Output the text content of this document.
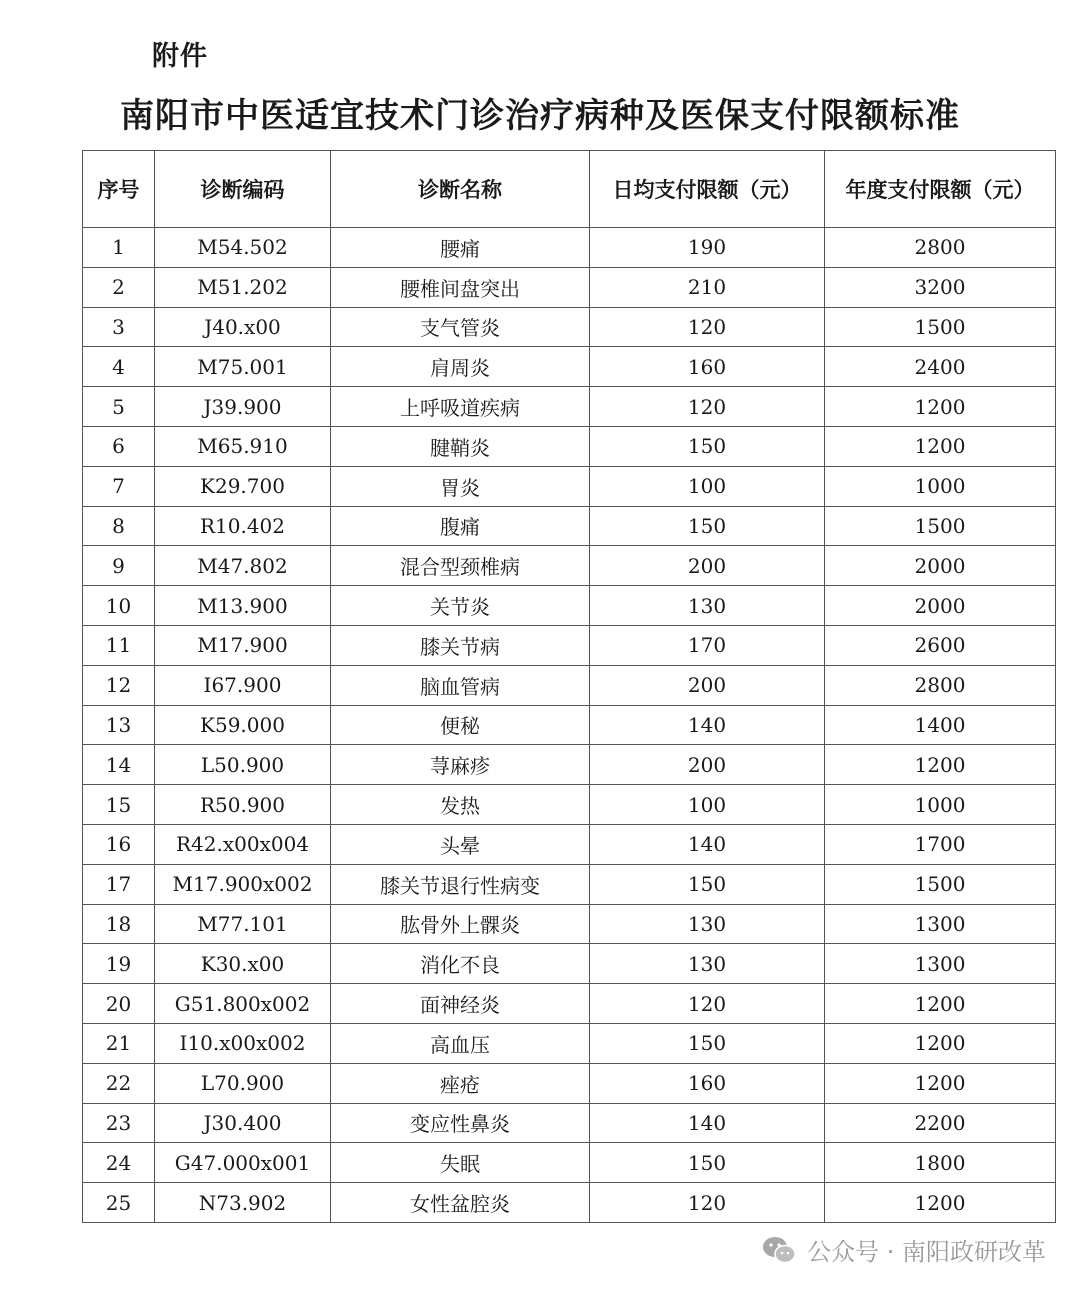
附件
南阳市中医适宜技术门诊治疗病种及医保支付限额标准
序号	诊断编码	诊断名称	日均支付限额（元）	年度支付限额（元）
1	M54.502	腰痛	190	2800
2	M51.202	腰椎间盘突出	210	3200
3	J40.x00	支气管炎	120	1500
4	M75.001	肩周炎	160	2400
5	J39.900	上呼吸道疾病	120	1200
6	M65.910	腱鞘炎	150	1200
7	K29.700	胃炎	100	1000
8	R10.402	腹痛	150	1500
9	M47.802	混合型颈椎病	200	2000
10	M13.900	关节炎	130	2000
11	M17.900	膝关节病	170	2600
12	I67.900	脑血管病	200	2800
13	K59.000	便秘	140	1400
14	L50.900	荨麻疹	200	1200
15	R50.900	发热	100	1000
16	R42.x00x004	头晕	140	1700
17	M17.900x002	膝关节退行性病变	150	1500
18	M77.101	肱骨外上髁炎	130	1300
19	K30.x00	消化不良	130	1300
20	G51.800x002	面神经炎	120	1200
21	I10.x00x002	高血压	150	1200
22	L70.900	痤疮	160	1200
23	J30.400	变应性鼻炎	140	2200
24	G47.000x001	失眠	150	1800
25	N73.902	女性盆腔炎	120	1200
公众号 · 南阳政研改革
